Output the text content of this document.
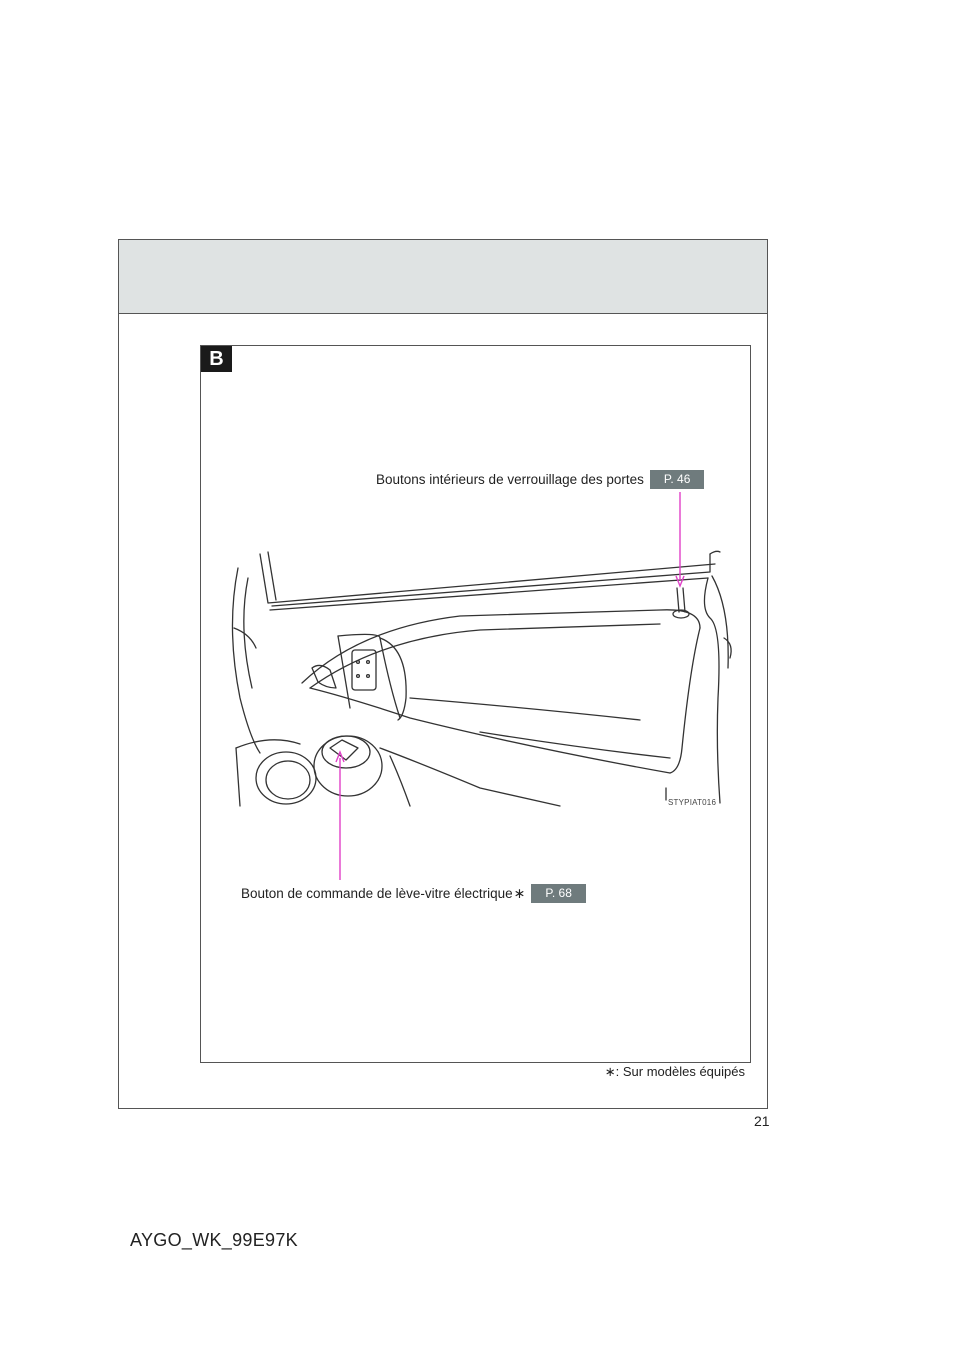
B
Boutons intérieurs de verrouillage des portes	P. 46
Bouton de commande de lève-vitre électrique ∗	P. 68
STYPIAT016
∗: Sur modèles équipés
21
AYGO_WK_99E97K
